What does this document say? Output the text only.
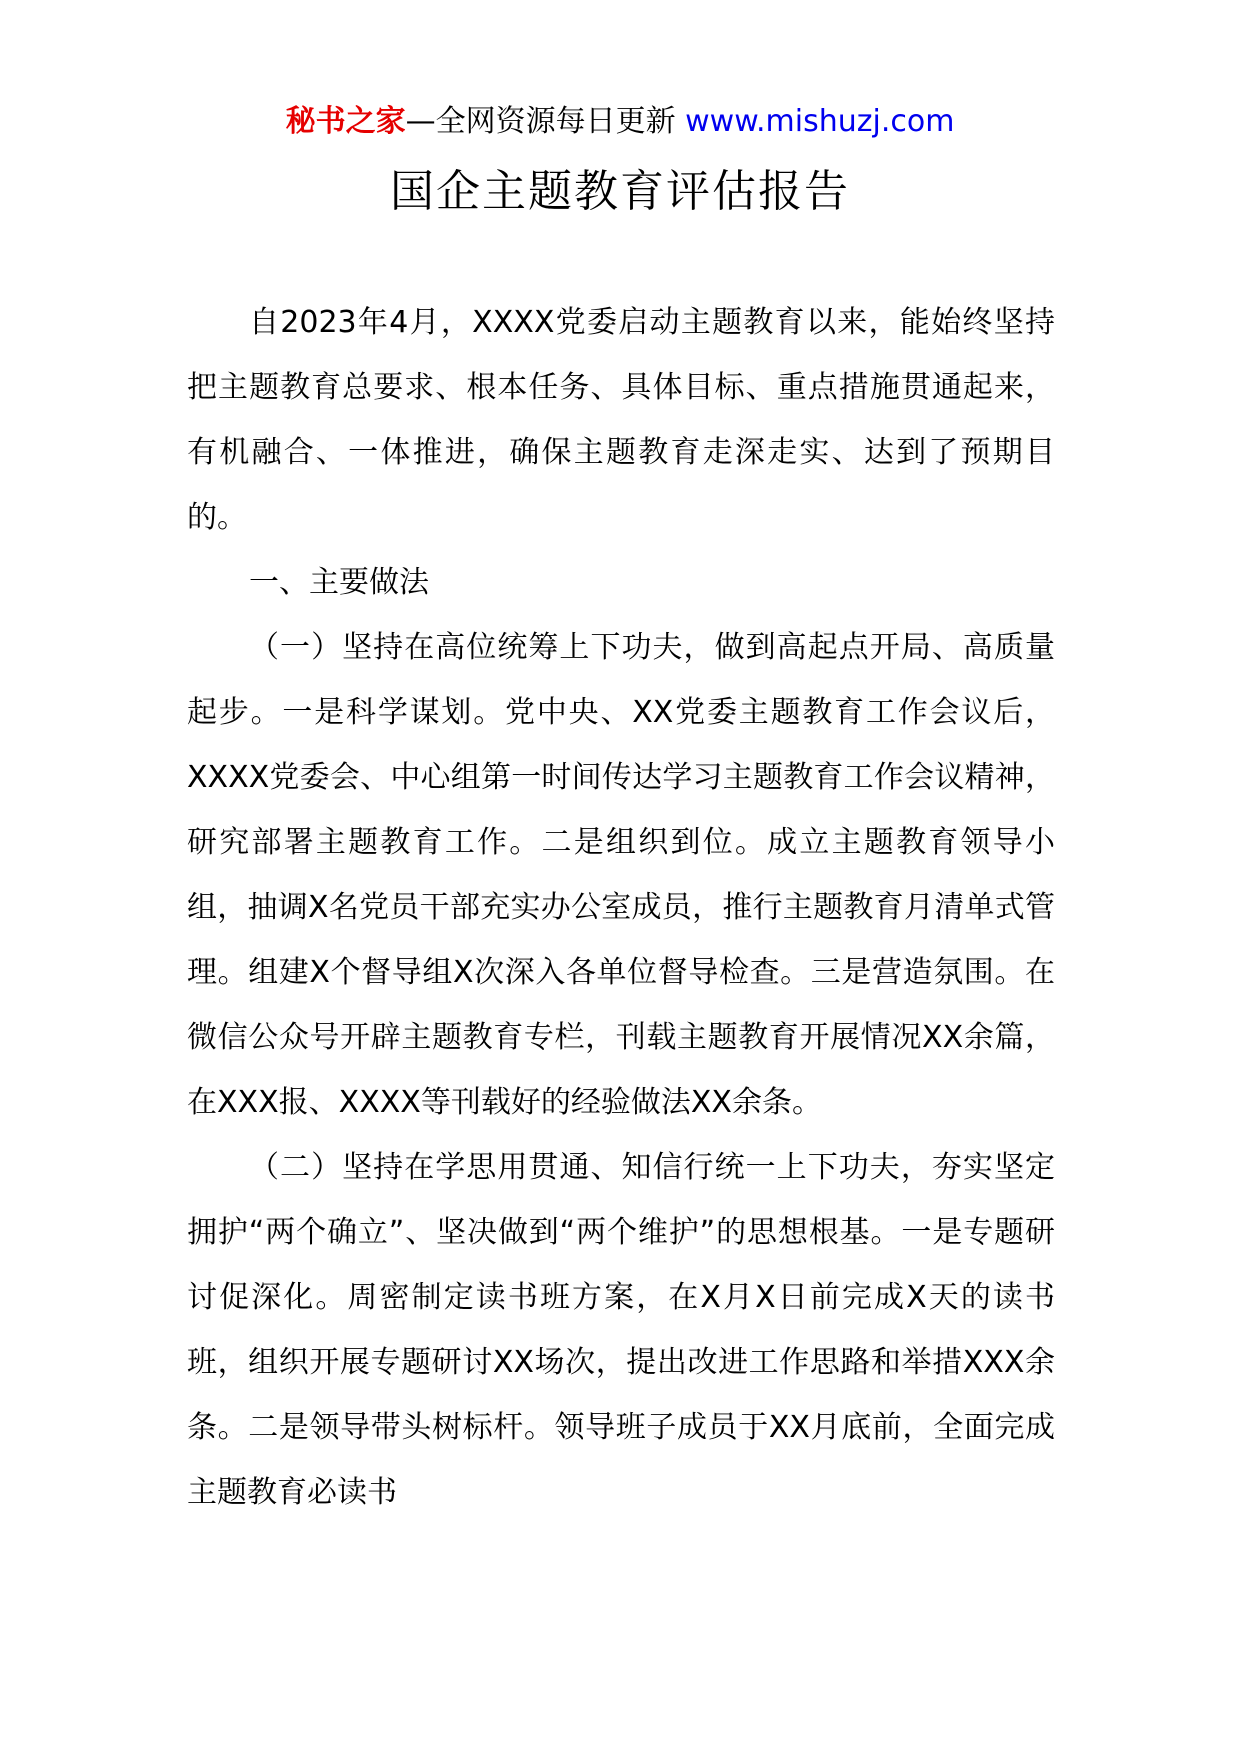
秘书之家—全网资源每日更新 www.mishuzj.com
国企主题教育评估报告

自2023年4月，XXXX党委启动主题教育以来，能始终坚持把主题教育总要求、根本任务、具体目标、重点措施贯通起来，有机融合、一体推进，确保主题教育走深走实、达到了预期目的。

一、主要做法

（一）坚持在高位统筹上下功夫，做到高起点开局、高质量起步。一是科学谋划。党中央、XX党委主题教育工作会议后，XXXX党委会、中心组第一时间传达学习主题教育工作会议精神，研究部署主题教育工作。二是组织到位。成立主题教育领导小组，抽调X名党员干部充实办公室成员，推行主题教育月清单式管理。组建X个督导组X次深入各单位督导检查。三是营造氛围。在微信公众号开辟主题教育专栏，刊载主题教育开展情况XX余篇，在XXX报、XXXX等刊载好的经验做法XX余条。

（二）坚持在学思用贯通、知信行统一上下功夫，夯实坚定拥护“两个确立”、坚决做到“两个维护”的思想根基。一是专题研讨促深化。周密制定读书班方案，在X月X日前完成X天的读书班，组织开展专题研讨XX场次，提出改进工作思路和举措XXX余条。二是领导带头树标杆。领导班子成员于XX月底前，全面完成主题教育必读书
